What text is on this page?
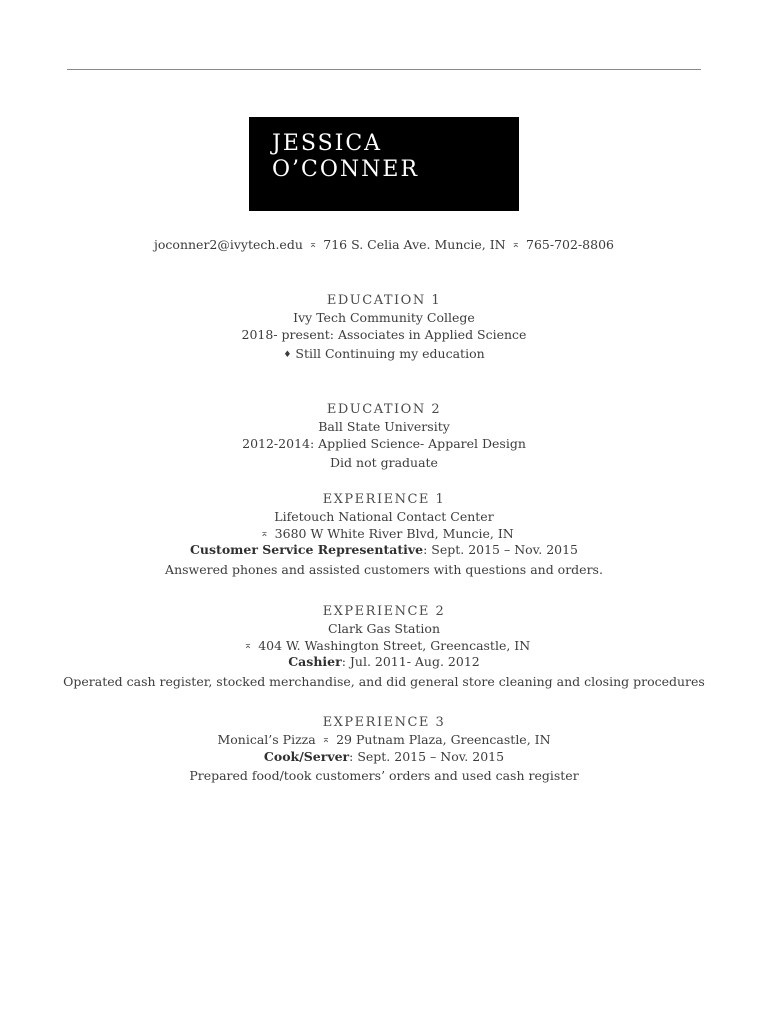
JESSICA
O’CONNER
joconner2@ivytech.edu ⌅ 716 S. Celia Ave. Muncie, IN ⌅ 765-702-8806
EDUCATION 1
Ivy Tech Community College
2018- present: Associates in Applied Science
♦ Still Continuing my education
EDUCATION 2
Ball State University
2012-2014: Applied Science- Apparel Design
Did not graduate
EXPERIENCE 1
Lifetouch National Contact Center
⌅ 3680 W White River Blvd, Muncie, IN
Customer Service Representative: Sept. 2015 – Nov. 2015
Answered phones and assisted customers with questions and orders.
EXPERIENCE 2
Clark Gas Station
⌅ 404 W. Washington Street, Greencastle, IN
Cashier: Jul. 2011- Aug. 2012
Operated cash register, stocked merchandise, and did general store cleaning and closing procedures
EXPERIENCE 3
Monical’s Pizza ⌅ 29 Putnam Plaza, Greencastle, IN
Cook/Server: Sept. 2015 – Nov. 2015
Prepared food/took customers’ orders and used cash register
